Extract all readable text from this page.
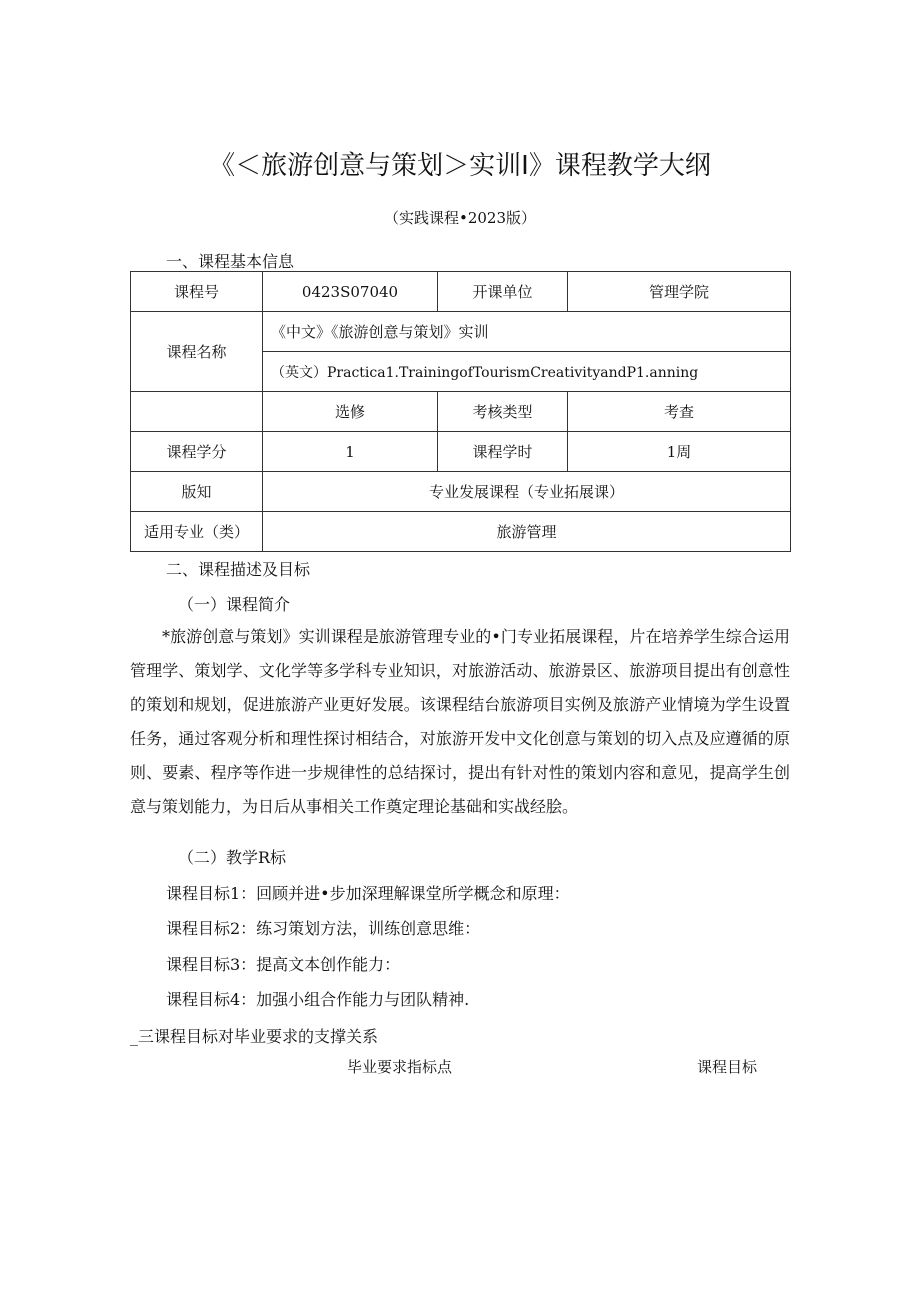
《＜旅游创意与策划＞实训I》课程教学大纲
（实践课程•2023版）
一、课程基本信息
课程号	0423S07040	开课单位	管理学院
课程名称	《中文》《旅游创意与策划》实训		
	（英文）Practica1.TrainingofTourismCreativityandP1.anning		
	选修	考核类型	考查
课程学分	1	课程学时	1周
版知	专业发展课程（专业拓展课）		
适用专业（类）	旅游管理		
二、课程描述及目标
（一）课程简介
*旅游创意与策划》实训课程是旅游管理专业的•门专业拓展课程，片在培养学生综合运用管理学、策划学、文化学等多学科专业知识，对旅游活动、旅游景区、旅游项目提出有创意性的策划和规划，促进旅游产业更好发展。该课程结台旅游项目实例及旅游产业情境为学生设置任务，通过客观分析和理性探讨相结合，对旅游开发中文化创意与策划的切入点及应遵循的原则、要素、程序等作进一步规律性的总结探讨，提出有针对性的策划内容和意见，提高学生创意与策划能力，为日后从事相关工作奠定理论基础和实战经脍。
（二）教学R标
课程目标1：回顾并进•步加深理解课堂所学概念和原理：
课程目标2：练习策划方法，训练创意思维：
课程目标3：提高文本创作能力：
课程目标4：加强小组合作能力与团队精神.
_三课程目标对毕业要求的支撑关系
毕业要求指标点	课程目标
